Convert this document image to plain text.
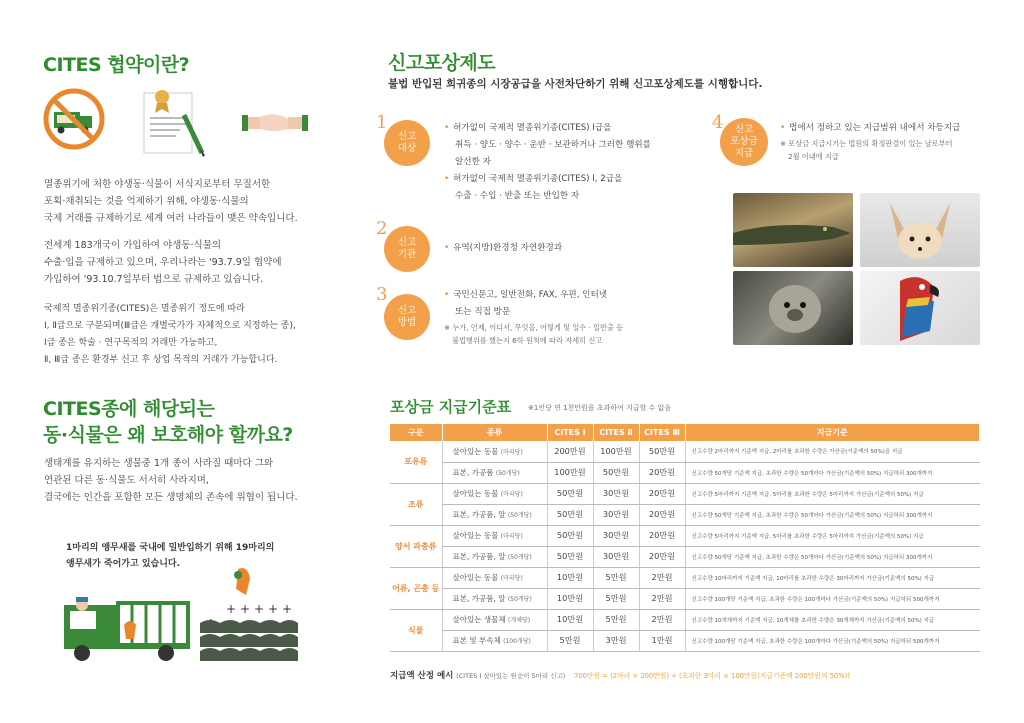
CITES 협약이란?
멸종위기에 처한 야생동·식물이 서식지로부터 무질서한
포획·채취되는 것을 억제하기 위해, 야생동·식물의
국제 거래를 규제하기로 세계 여러 나라들이 맺은 약속입니다.
전세계 183개국이 가입하여 야생동·식물의
수출·입을 규제하고 있으며, 우리나라는 '93.7.9일 협약에
가입하여 '93.10.7일부터 법으로 규제하고 있습니다.
국제적 멸종위기종(CITES)은 멸종위기 정도에 따라
Ⅰ, Ⅱ급으로 구분되며(Ⅲ급은 개별국가가 자체적으로 지정하는 종),
Ⅰ급 종은 학술 · 연구목적의 거래만 가능하고,
Ⅱ, Ⅲ급 종은 환경부 신고 후 상업 목적의 거래가 가능합니다.
CITES종에 해당되는
동·식물은 왜 보호해야 할까요?
생태계를 유지하는 생물중 1개 종이 사라질 때마다 그와
연관된 다른 동·식물도 서서히 사라지며,
결국에는 인간을 포함한 모든 생명체의 존속에 위협이 됩니다.
1마리의 앵무새를 국내에 밀반입하기 위해 19마리의
앵무새가 죽어가고 있습니다.
+ + + + +
신고포상제도
불법 반입된 희귀종의 시장공급을 사전차단하기 위해 신고포상제도를 시행합니다.
1
신고
대상
• 허가없이 국제적 멸종위기종(CITES) Ⅰ급을
취득 · 양도 · 양수 · 운반 · 보관하거나 그러한 행위를
알선한 자
• 허가없이 국제적 멸종위기종(CITES) Ⅰ, 2급을
수출 · 수입 · 반출 또는 반입한 자
2
신고
기관
• 유역(지방)환경청 자연환경과
3
신고
방법
• 국민신문고, 일반전화, FAX, 우편, 인터넷
또는 직접 방문
※ 누가, 언제, 어디서, 무엇을, 어떻게 및 일수 · 일반출 등
불법행위를 했는지 6하 원칙에 따라 자세히 신고
4	신고
포상금
지급
• 법에서 정하고 있는 지급범위 내에서 차등지급
※ 포상금 지급시기는 법원의 확정판결이 있는 날로부터
2월 이내에 지급
포상금 지급기준표 ※1인당 연 1천만원을 초과하여 지급할 수 없음
구분	종류	CITES Ⅰ	CITES Ⅱ	CITES Ⅲ	지급기준
포유류	살아있는 동물 (마리당)	200만원	100만원	50만원	신고수량 2마리까지 기준액 지급, 2마리를 초과한 수량은 가산금(기준액의 50%)을 지급
	표본, 가공품 (50개당)	100만원	50만원	20만원	신고수량 50개당 기준액 지급, 초과한 수량은 50개마다 가산금(기준액의 50%) 지급하되 300개까지
조류	살아있는 동물 (마리당)	50만원	30만원	20만원	신고수량 5마리까지 기준액 지급, 5마리를 초과한 수량은 5마리까지 가산금(기준액의 50%) 지급
	표본, 가공품, 알 (50개당)	50만원	30만원	20만원	신고수량 50개당 기준액 지급, 초과한 수량은 50개마다 가산금(기준액의 50%) 지급하되 300개까지
양서 파충류	살아있는 동물 (마리당)	50만원	30만원	20만원	신고수량 5마리까지 기준액 지급, 5마리를 초과한 수량은 5마리까지 가산금(기준액의 50%) 지급
	표본, 가공품, 알 (50개당)	50만원	30만원	20만원	신고수량 50개당 기준액 지급, 초과한 수량은 50개마다 가산금(기준액의 50%) 지급하되 300개까지
어류, 곤충 등	살아있는 동물 (마리당)	10만원	5만원	2만원	신고수량 10마리까지 기준액 지급, 10마리를 초과한 수량은 30마리까지 가산금(기준액의 50%) 지급
	표본, 가공품, 알 (50개당)	10만원	5만원	2만원	신고수량 100개당 기준액 지급, 초과한 수량은 100개마다 가산금(기준액의 50%) 지급하되 500개까지
식물	살아있는 생물체 (개체당)	10만원	5만원	2만원	신고수량 10개체까지 기준액 지급, 10개체를 초과한 수량은 30개체까지 가산금(기준액의 50%) 지급
	표본 및 부속체 (100개당)	5만원	3만원	1만원	신고수량 100개당 기준액 지급, 초과한 수량은 100개마다 가산금(기준액의 50%) 지급하되 500개까지
지급액 산정 예시 (CITES Ⅰ 살아있는 원숭이 5마리 신고) 700만원 = (2마리 × 200만원) + (초과한 3마리 × 100만원(지급기준액 200만원의 50%))
